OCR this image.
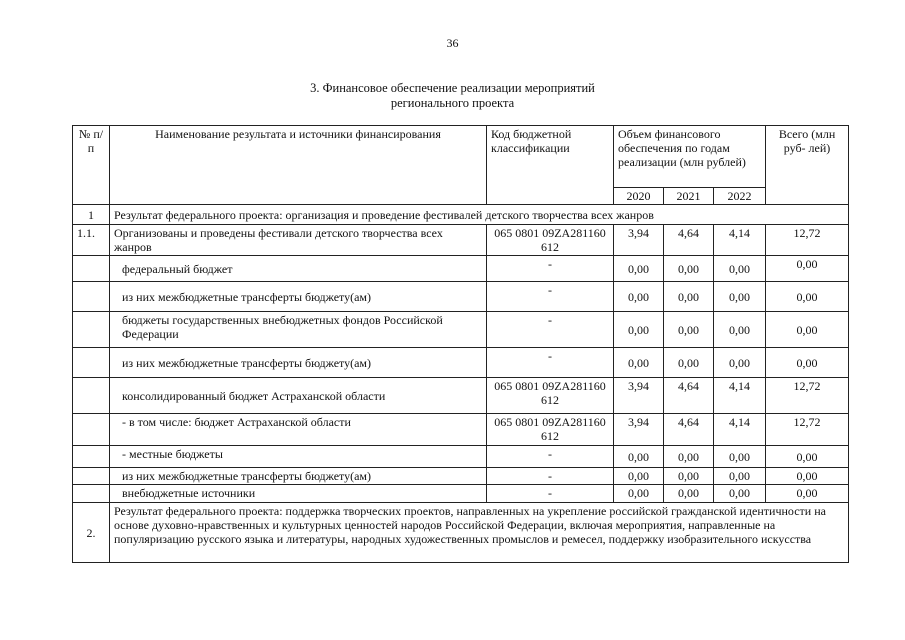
36
3. Финансовое обеспечение реализации мероприятий
регионального проекта
№ п/п	Наименование результата и источники финансирования	Код бюджетной классификации	Объем финансового обеспечения по годам реализации (млн рублей)			Всего (млн руб- лей)
			2020	2021	2022	
1	Результат федерального проекта: организация и проведение фестивалей детского творчества всех жанров					
1.1.	Организованы и проведены фестивали детского творчества всех жанров	065 0801 09ZA281160 612	3,94	4,64	4,14	12,72
	федеральный бюджет	-	0,00	0,00	0,00	0,00
	из них межбюджетные трансферты бюджету(ам)	-	0,00	0,00	0,00	0,00
	бюджеты государственных внебюджетных фондов Российской Федерации	-	0,00	0,00	0,00	0,00
	из них межбюджетные трансферты бюджету(ам)	-	0,00	0,00	0,00	0,00
	консолидированный бюджет Астраханской области	065 0801 09ZA281160 612	3,94	4,64	4,14	12,72
	- в том числе: бюджет Астраханской области	065 0801 09ZA281160 612	3,94	4,64	4,14	12,72
	- местные бюджеты	-	0,00	0,00	0,00	0,00
	из них межбюджетные трансферты бюджету(ам)	-	0,00	0,00	0,00	0,00
	внебюджетные источники	-	0,00	0,00	0,00	0,00
2.	Результат федерального проекта: поддержка творческих проектов, направленных на укрепление российской гражданской идентичности на основе духовно-нравственных и культурных ценностей народов Российской Федерации, включая мероприятия, направленные на популяризацию русского языка и литературы, народных художественных промыслов и ремесел, поддержку изобразительного искусства					
